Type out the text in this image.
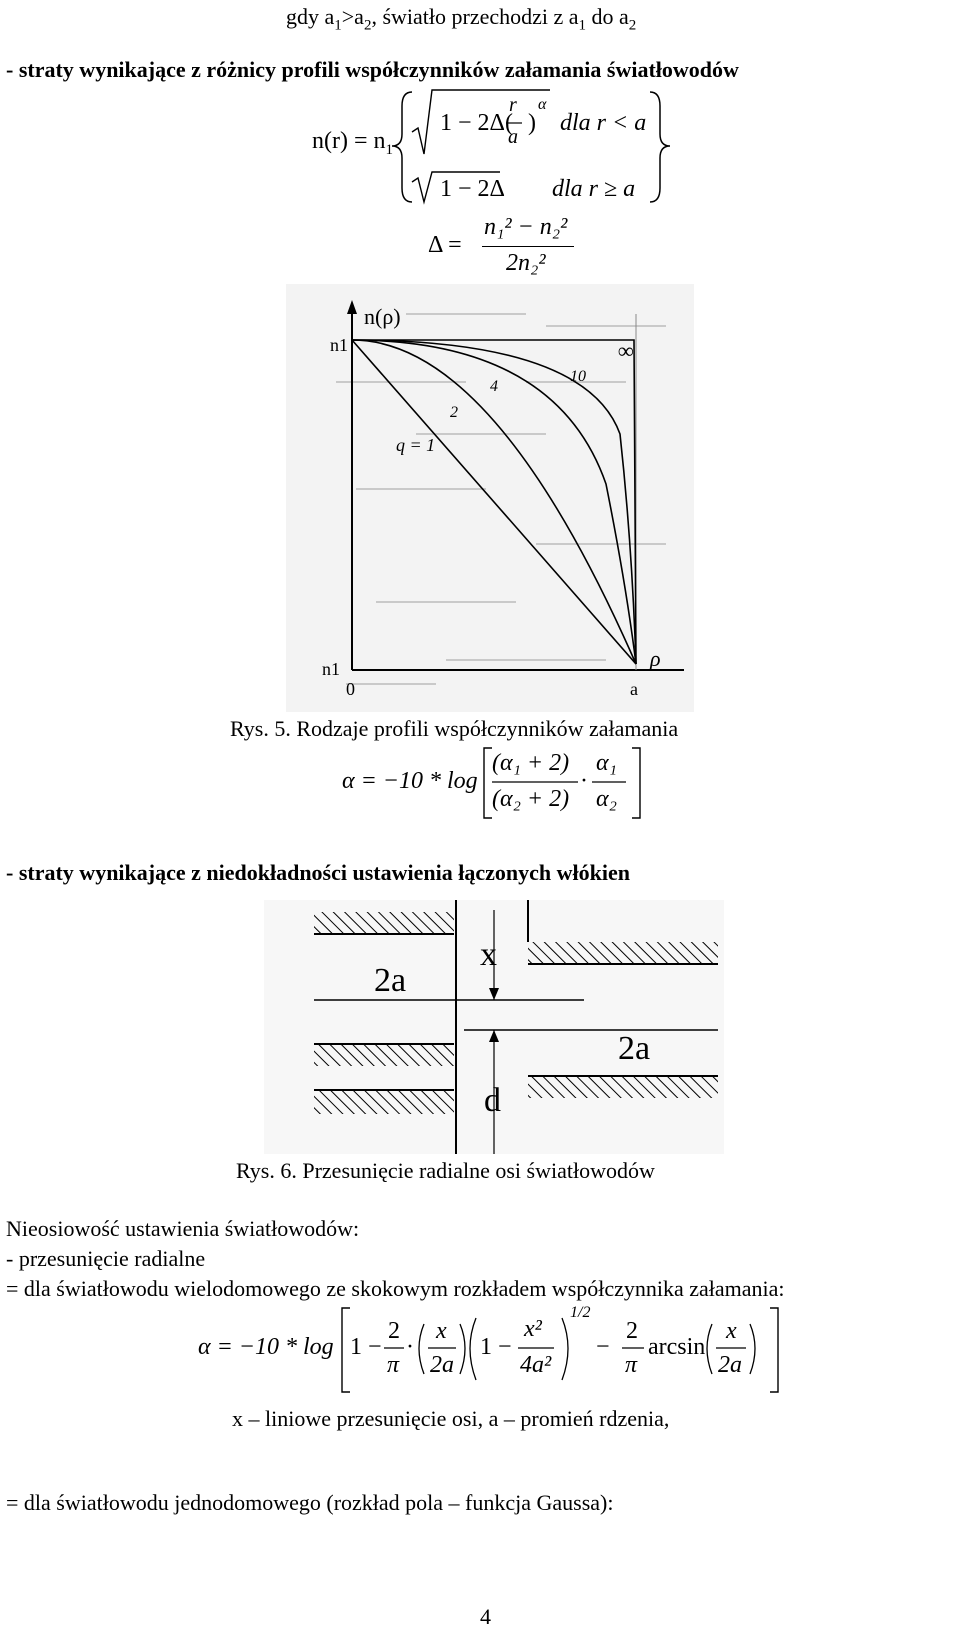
gdy $a_1>a_2$, światło przechodzi z $a_1$ do $a_2$
- straty wynikające z różnicy profili współczynników załamania światłowodów
$n(r) = n_1$
1 − 2Δ(
r
a
)
α
dla r < a
1 − 2Δ dla r ≥ a
Δ =
n₁² − n₂²
2n₂²
n(ρ)
n1
n1
0	a
ρ
q = 1
2
4
10
∞
Rys. 5. Rodzaje profili współczynników załamania
α = −10 * log
(α₁ + 2)
(α₂ + 2)
·
α₁
α₂
- straty wynikające z niedokładności ustawienia łączonych włókien
2a
x
2a
d
Rys. 6. Przesunięcie radialne osi światłowodów
Nieosiowość ustawienia światłowodów:
- przesunięcie radialne
= dla światłowodu wielodomowego ze skokowym rozkładem współczynnika załamania:
α = −10 * log 1 −
2
π
·
x
2a
1 −
x²
4a²
1/2
−
2
π
arcsin
x
2a
x – liniowe przesunięcie osi, a – promień rdzenia,
= dla światłowodu jednodomowego (rozkład pola – funkcja Gaussa):
4
